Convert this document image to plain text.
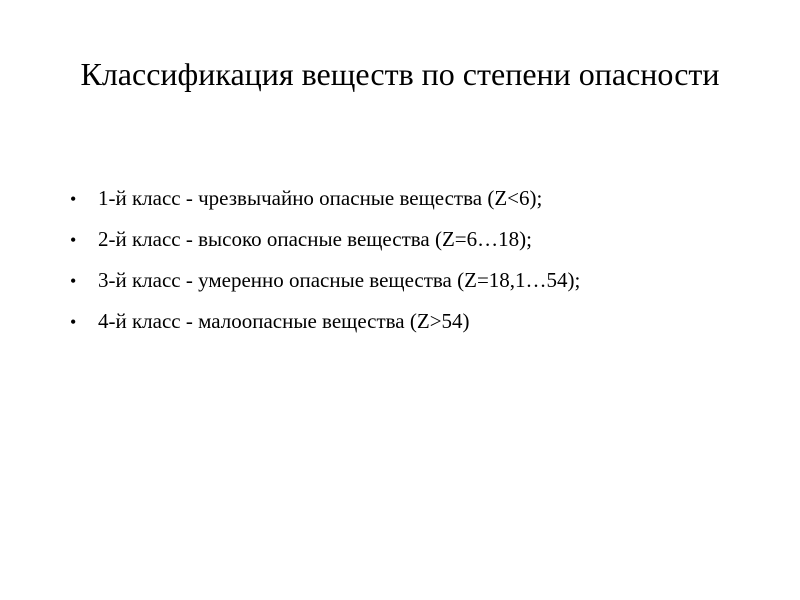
Классификация веществ по степени опасности
•	1-й класс - чрезвычайно опасные вещества (Z<6);
•	2-й класс - высоко опасные вещества (Z=6…18);
•	3-й класс - умеренно опасные вещества (Z=18,1…54);
•	4-й класс - малоопасные вещества (Z>54)
